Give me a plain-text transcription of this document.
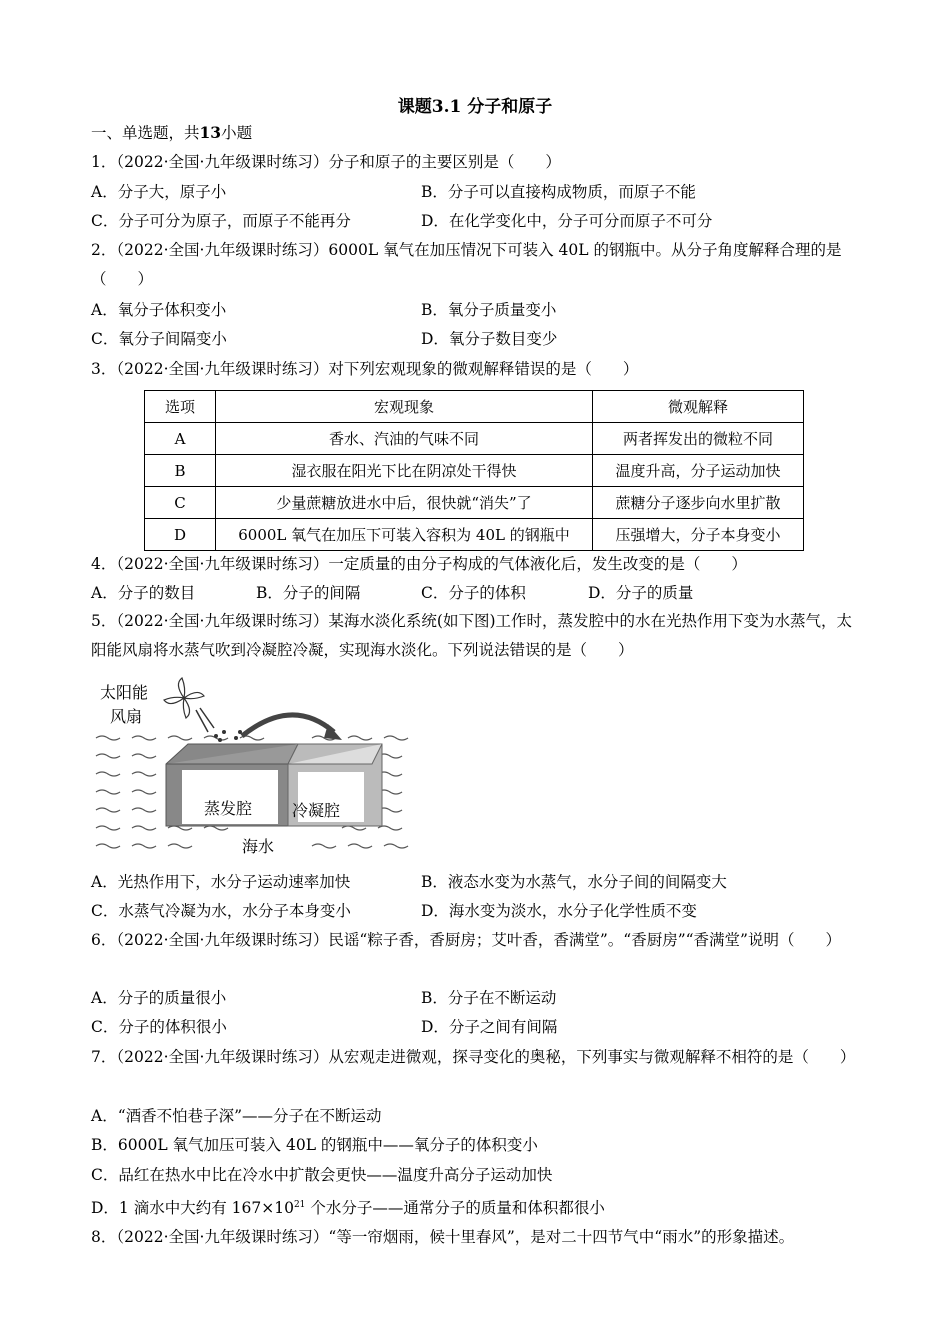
课题3.1 分子和原子
一、单选题，共13小题
1．（2022·全国·九年级课时练习）分子和原子的主要区别是（　　）
A．分子大，原子小	B．分子可以直接构成物质，而原子不能
C．分子可分为原子，而原子不能再分	D．在化学变化中，分子可分而原子不可分
2．（2022·全国·九年级课时练习）6000L 氧气在加压情况下可装入 40L 的钢瓶中。从分子角度解释合理的是（　　）
A．氧分子体积变小	B．氧分子质量变小
C．氧分子间隔变小	D．氧分子数目变少
3．（2022·全国·九年级课时练习）对下列宏观现象的微观解释错误的是（　　）
选项	宏观现象	微观解释
A	香水、汽油的气味不同	两者挥发出的微粒不同
B	湿衣服在阳光下比在阴凉处干得快	温度升高，分子运动加快
C	少量蔗糖放进水中后，很快就“消失”了	蔗糖分子逐步向水里扩散
D	6000L 氧气在加压下可装入容积为 40L 的钢瓶中	压强增大，分子本身变小
4．（2022·全国·九年级课时练习）一定质量的由分子构成的气体液化后，发生改变的是（　　）
A．分子的数目	B．分子的间隔	C．分子的体积	D．分子的质量
5．（2022·全国·九年级课时练习）某海水淡化系统(如下图)工作时，蒸发腔中的水在光热作用下变为水蒸气，太阳能风扇将水蒸气吹到冷凝腔冷凝，实现海水淡化。下列说法错误的是（　　）
太阳能
风扇
蒸发腔 冷凝腔
海水
A．光热作用下，水分子运动速率加快	B．液态水变为水蒸气，水分子间的间隔变大
C．水蒸气冷凝为水，水分子本身变小	D．海水变为淡水，水分子化学性质不变
6．（2022·全国·九年级课时练习）民谣“粽子香，香厨房；艾叶香，香满堂”。“香厨房”“香满堂”说明（　　）
A．分子的质量很小	B．分子在不断运动
C．分子的体积很小	D．分子之间有间隔
7．（2022·全国·九年级课时练习）从宏观走进微观，探寻变化的奥秘，下列事实与微观解释不相符的是（　　）
A．“酒香不怕巷子深”——分子在不断运动
B．6000L 氧气加压可装入 40L 的钢瓶中——氧分子的体积变小
C．品红在热水中比在冷水中扩散会更快——温度升高分子运动加快
D．1 滴水中大约有 $167\times 10^{21}$ 个水分子——通常分子的质量和体积都很小
8．（2022·全国·九年级课时练习）“等一帘烟雨，候十里春风”，是对二十四节气中“雨水”的形象描述。
